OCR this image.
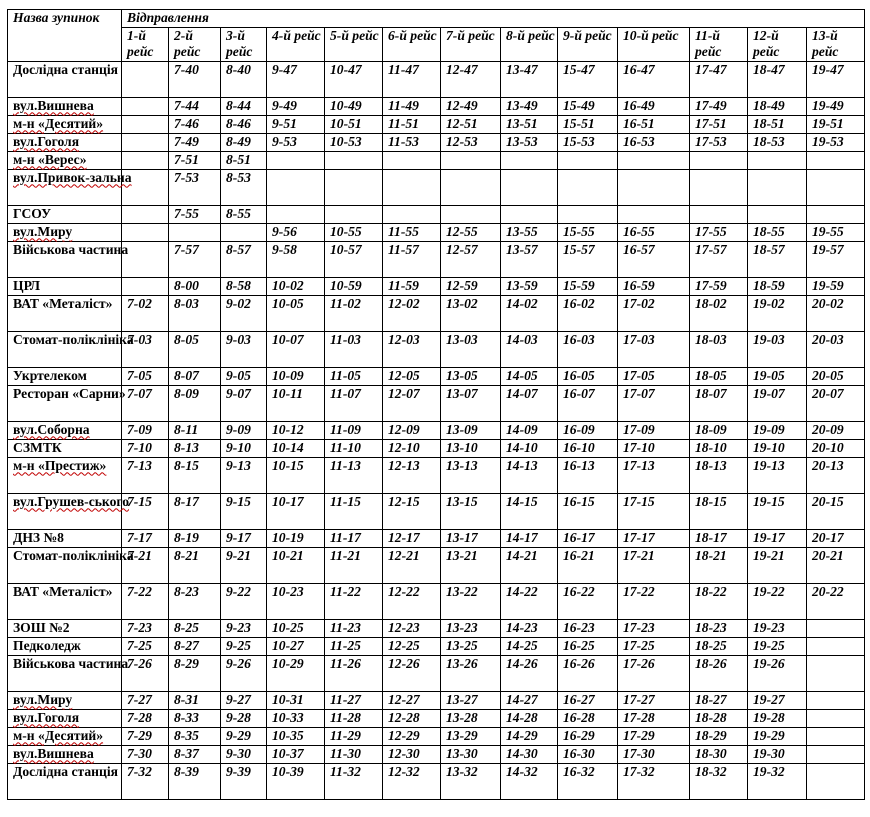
Назва зупинок	Відправлення												
	1-й рейс	2-й рейс	3-й рейс	4-й рейс	5-й рейс	6-й рейс	7-й рейс	8-й рейс	9-й рейс	10-й рейс	11-й рейс	12-й рейс	13-й рейс
Дослідна станція		7-40	8-40	9-47	10-47	11-47	12-47	13-47	15-47	16-47	17-47	18-47	19-47
вул.Вишнева		7-44	8-44	9-49	10-49	11-49	12-49	13-49	15-49	16-49	17-49	18-49	19-49
м-н «Десятий»		7-46	8-46	9-51	10-51	11-51	12-51	13-51	15-51	16-51	17-51	18-51	19-51
вул.Гоголя		7-49	8-49	9-53	10-53	11-53	12-53	13-53	15-53	16-53	17-53	18-53	19-53
м-н «Верес»		7-51	8-51										
вул.Привок-зальна		7-53	8-53										
ГСОУ		7-55	8-55										
вул.Миру				9-56	10-55	11-55	12-55	13-55	15-55	16-55	17-55	18-55	19-55
Військова частина		7-57	8-57	9-58	10-57	11-57	12-57	13-57	15-57	16-57	17-57	18-57	19-57
ЦРЛ		8-00	8-58	10-02	10-59	11-59	12-59	13-59	15-59	16-59	17-59	18-59	19-59
ВАТ «Металіст»	7-02	8-03	9-02	10-05	11-02	12-02	13-02	14-02	16-02	17-02	18-02	19-02	20-02
Стомат-поліклініка	7-03	8-05	9-03	10-07	11-03	12-03	13-03	14-03	16-03	17-03	18-03	19-03	20-03
Укртелеком	7-05	8-07	9-05	10-09	11-05	12-05	13-05	14-05	16-05	17-05	18-05	19-05	20-05
Ресторан «Сарни»	7-07	8-09	9-07	10-11	11-07	12-07	13-07	14-07	16-07	17-07	18-07	19-07	20-07
вул.Соборна	7-09	8-11	9-09	10-12	11-09	12-09	13-09	14-09	16-09	17-09	18-09	19-09	20-09
СЗМТК	7-10	8-13	9-10	10-14	11-10	12-10	13-10	14-10	16-10	17-10	18-10	19-10	20-10
м-н «Престиж»	7-13	8-15	9-13	10-15	11-13	12-13	13-13	14-13	16-13	17-13	18-13	19-13	20-13
вул.Грушев-ського	7-15	8-17	9-15	10-17	11-15	12-15	13-15	14-15	16-15	17-15	18-15	19-15	20-15
ДНЗ №8	7-17	8-19	9-17	10-19	11-17	12-17	13-17	14-17	16-17	17-17	18-17	19-17	20-17
Стомат-поліклініка	7-21	8-21	9-21	10-21	11-21	12-21	13-21	14-21	16-21	17-21	18-21	19-21	20-21
ВАТ «Металіст»	7-22	8-23	9-22	10-23	11-22	12-22	13-22	14-22	16-22	17-22	18-22	19-22	20-22
ЗОШ №2	7-23	8-25	9-23	10-25	11-23	12-23	13-23	14-23	16-23	17-23	18-23	19-23	
Педколедж	7-25	8-27	9-25	10-27	11-25	12-25	13-25	14-25	16-25	17-25	18-25	19-25	
Військова частина	7-26	8-29	9-26	10-29	11-26	12-26	13-26	14-26	16-26	17-26	18-26	19-26	
вул.Миру	7-27	8-31	9-27	10-31	11-27	12-27	13-27	14-27	16-27	17-27	18-27	19-27	
вул.Гоголя	7-28	8-33	9-28	10-33	11-28	12-28	13-28	14-28	16-28	17-28	18-28	19-28	
м-н «Десятий»	7-29	8-35	9-29	10-35	11-29	12-29	13-29	14-29	16-29	17-29	18-29	19-29	
вул.Вишнева	7-30	8-37	9-30	10-37	11-30	12-30	13-30	14-30	16-30	17-30	18-30	19-30	
Дослідна станція	7-32	8-39	9-39	10-39	11-32	12-32	13-32	14-32	16-32	17-32	18-32	19-32	
